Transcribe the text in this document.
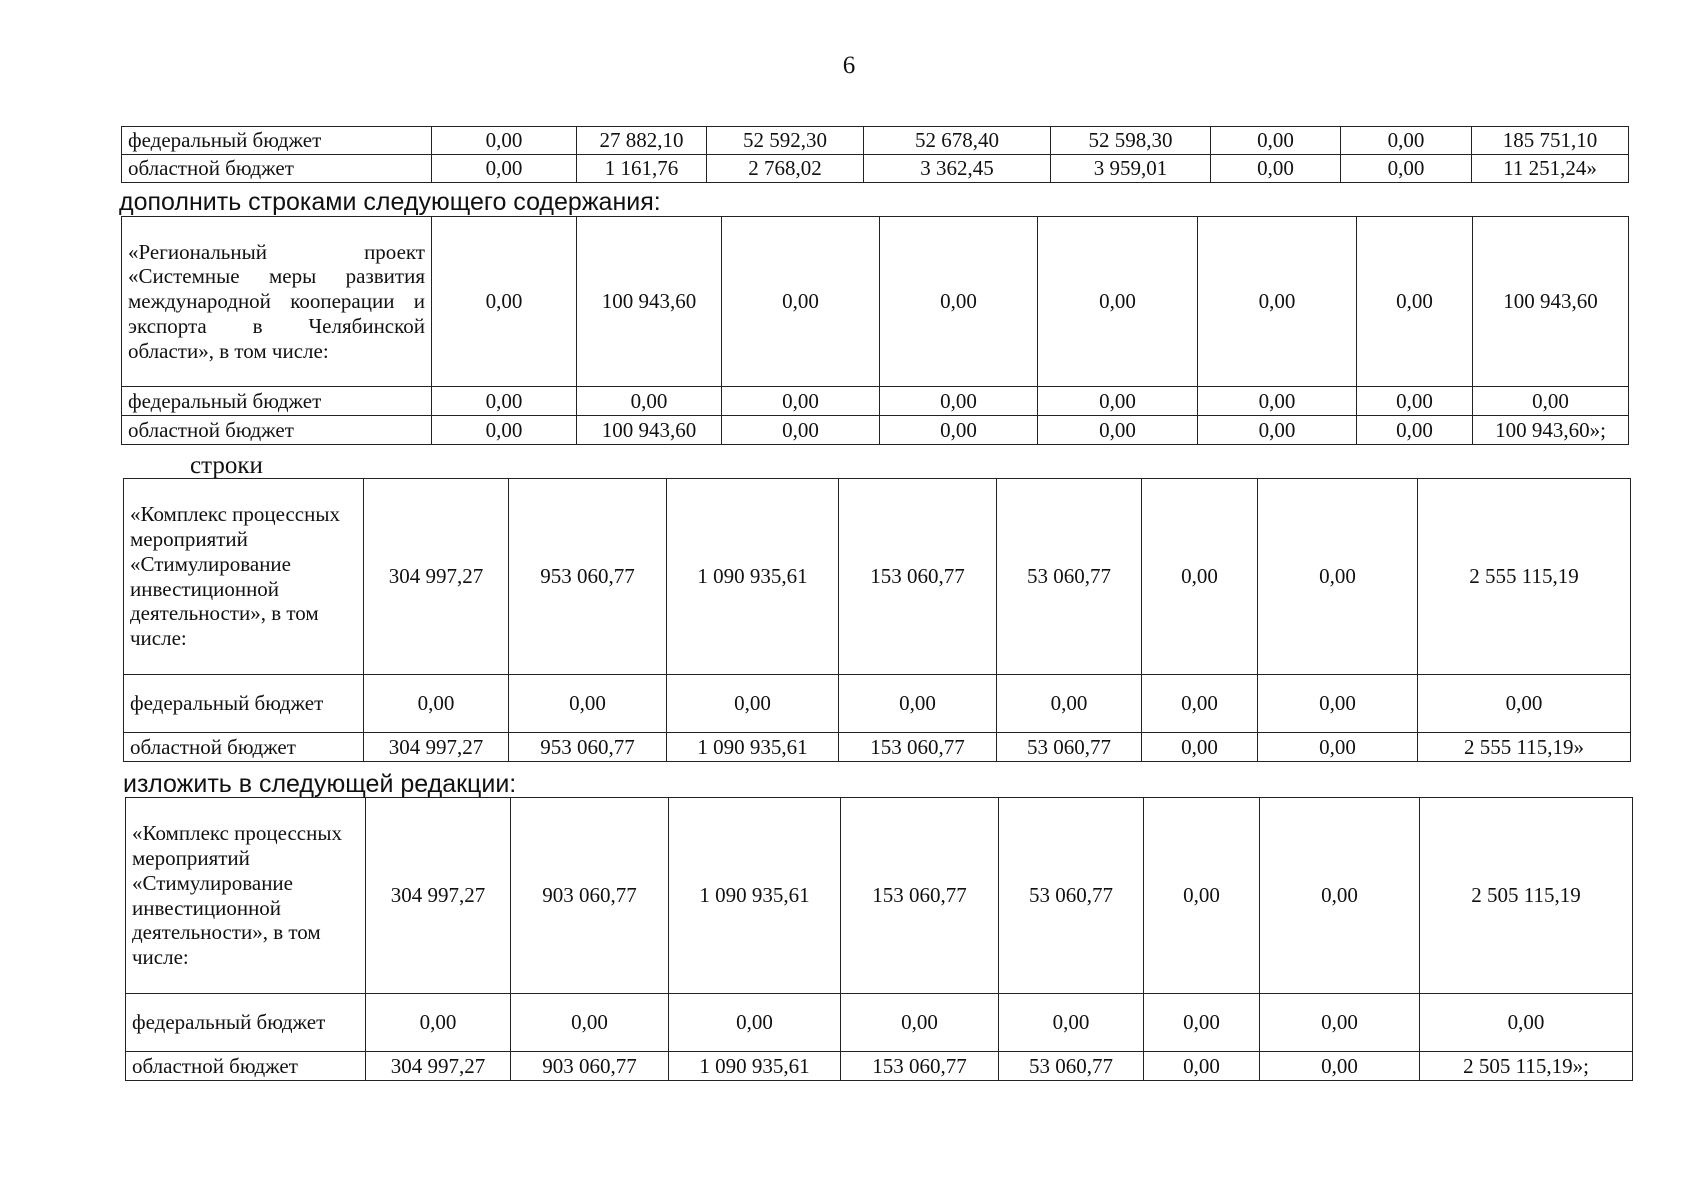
6
федеральный бюджет	0,00	27 882,10	52 592,30	52 678,40	52 598,30	0,00	0,00	185 751,10
областной бюджет	0,00	1 161,76	2 768,02	3 362,45	3 959,01	0,00	0,00	11 251,24»
дополнить строками следующего содержания:
«Региональный проект «Системные меры развития международной кооперации и экспорта в Челябинской области», в том числе:	0,00	100 943,60	0,00	0,00	0,00	0,00	0,00	100 943,60
федеральный бюджет	0,00	0,00	0,00	0,00	0,00	0,00	0,00	0,00
областной бюджет	0,00	100 943,60	0,00	0,00	0,00	0,00	0,00	100 943,60»;
строки
«Комплекс процессных мероприятий «Стимулирование инвестиционной деятельности», в том числе:	304 997,27	953 060,77	1 090 935,61	153 060,77	53 060,77	0,00	0,00	2 555 115,19
федеральный бюджет	0,00	0,00	0,00	0,00	0,00	0,00	0,00	0,00
областной бюджет	304 997,27	953 060,77	1 090 935,61	153 060,77	53 060,77	0,00	0,00	2 555 115,19»
изложить в следующей редакции:
«Комплекс процессных мероприятий «Стимулирование инвестиционной деятельности», в том числе:	304 997,27	903 060,77	1 090 935,61	153 060,77	53 060,77	0,00	0,00	2 505 115,19
федеральный бюджет	0,00	0,00	0,00	0,00	0,00	0,00	0,00	0,00
областной бюджет	304 997,27	903 060,77	1 090 935,61	153 060,77	53 060,77	0,00	0,00	2 505 115,19»;
